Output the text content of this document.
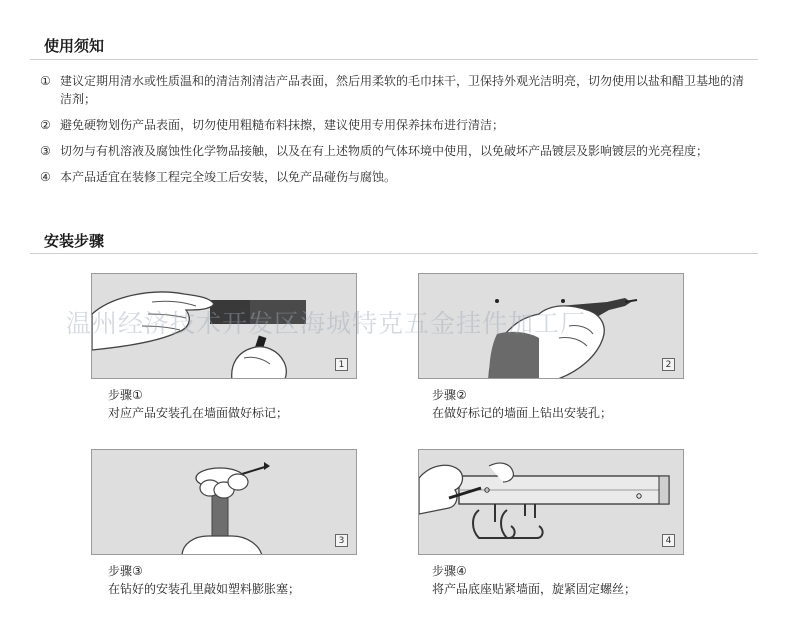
使用须知
① 建议定期用清水或性质温和的清洁剂清洁产品表面，然后用柔软的毛巾抹干，卫保持外观光洁明亮，切勿使用以盐和醋卫基地的清洁剂；
② 避免硬物划伤产品表面，切勿使用粗糙布料抹擦，建议使用专用保养抹布进行清洁；
③ 切勿与有机溶液及腐蚀性化学物品接触，以及在有上述物质的气体环境中使用，以免破坏产品镀层及影响镀层的光亮程度；
④ 本产品适宜在装修工程完全竣工后安装，以免产品碰伤与腐蚀。
安装步骤
1	2
3	4
步骤①
对应产品安装孔在墙面做好标记；
步骤②
在做好标记的墙面上钻出安装孔；
步骤③
在钻好的安装孔里敲如塑料膨胀塞；
步骤④
将产品底座贴紧墙面，旋紧固定螺丝；
温州经济技术开发区海城特克五金挂件加工厂
